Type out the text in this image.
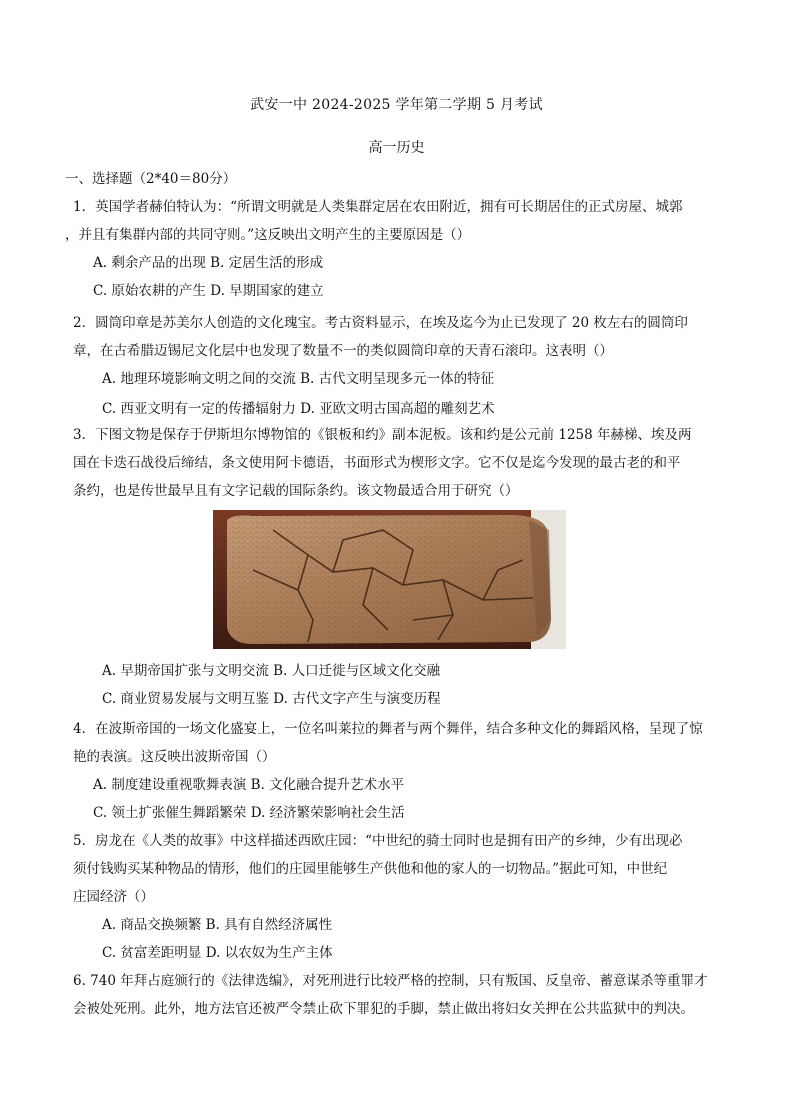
武安一中 2024-2025 学年第二学期 5 月考试
高一历史
一、选择题（2*40＝80分）
1．英国学者赫伯特认为：“所谓文明就是人类集群定居在农田附近，拥有可长期居住的正式房屋、城郭
，并且有集群内部的共同守则。”这反映出文明产生的主要原因是（）
A. 剩余产品的出现 B. 定居生活的形成
C. 原始农耕的产生 D. 早期国家的建立
2．圆筒印章是苏美尔人创造的文化瑰宝。考古资料显示，在埃及迄今为止已发现了 20 枚左右的圆筒印
章，在古希腊迈锡尼文化层中也发现了数量不一的类似圆筒印章的天青石滚印。这表明（）
A. 地理环境影响文明之间的交流 B. 古代文明呈现多元一体的特征
C. 西亚文明有一定的传播辐射力 D. 亚欧文明古国高超的雕刻艺术
3．下图文物是保存于伊斯坦尔博物馆的《银板和约》副本泥板。该和约是公元前 1258 年赫梯、埃及两
国在卡迭石战役后缔结，条文使用阿卡德语，书面形式为楔形文字。它不仅是迄今发现的最古老的和平
条约，也是传世最早且有文字记载的国际条约。该文物最适合用于研究（）
A. 早期帝国扩张与文明交流 B. 人口迁徙与区域文化交融
C. 商业贸易发展与文明互鉴 D. 古代文字产生与演变历程
4．在波斯帝国的一场文化盛宴上，一位名叫莱拉的舞者与两个舞伴，结合多种文化的舞蹈风格，呈现了惊
艳的表演。这反映出波斯帝国（）
A. 制度建设重视歌舞表演 B. 文化融合提升艺术水平
C. 领土扩张催生舞蹈繁荣 D. 经济繁荣影响社会生活
5．房龙在《人类的故事》中这样描述西欧庄园：“中世纪的骑士同时也是拥有田产的乡绅，少有出现必
须付钱购买某种物品的情形，他们的庄园里能够生产供他和他的家人的一切物品。”据此可知，中世纪
庄园经济（）
A. 商品交换频繁 B. 具有自然经济属性
C. 贫富差距明显 D. 以农奴为生产主体
6. 740 年拜占庭颁行的《法律选编》，对死刑进行比较严格的控制，只有叛国、反皇帝、蓄意谋杀等重罪才
会被处死刑。此外，地方法官还被严令禁止砍下罪犯的手脚，禁止做出将妇女关押在公共监狱中的判决。
